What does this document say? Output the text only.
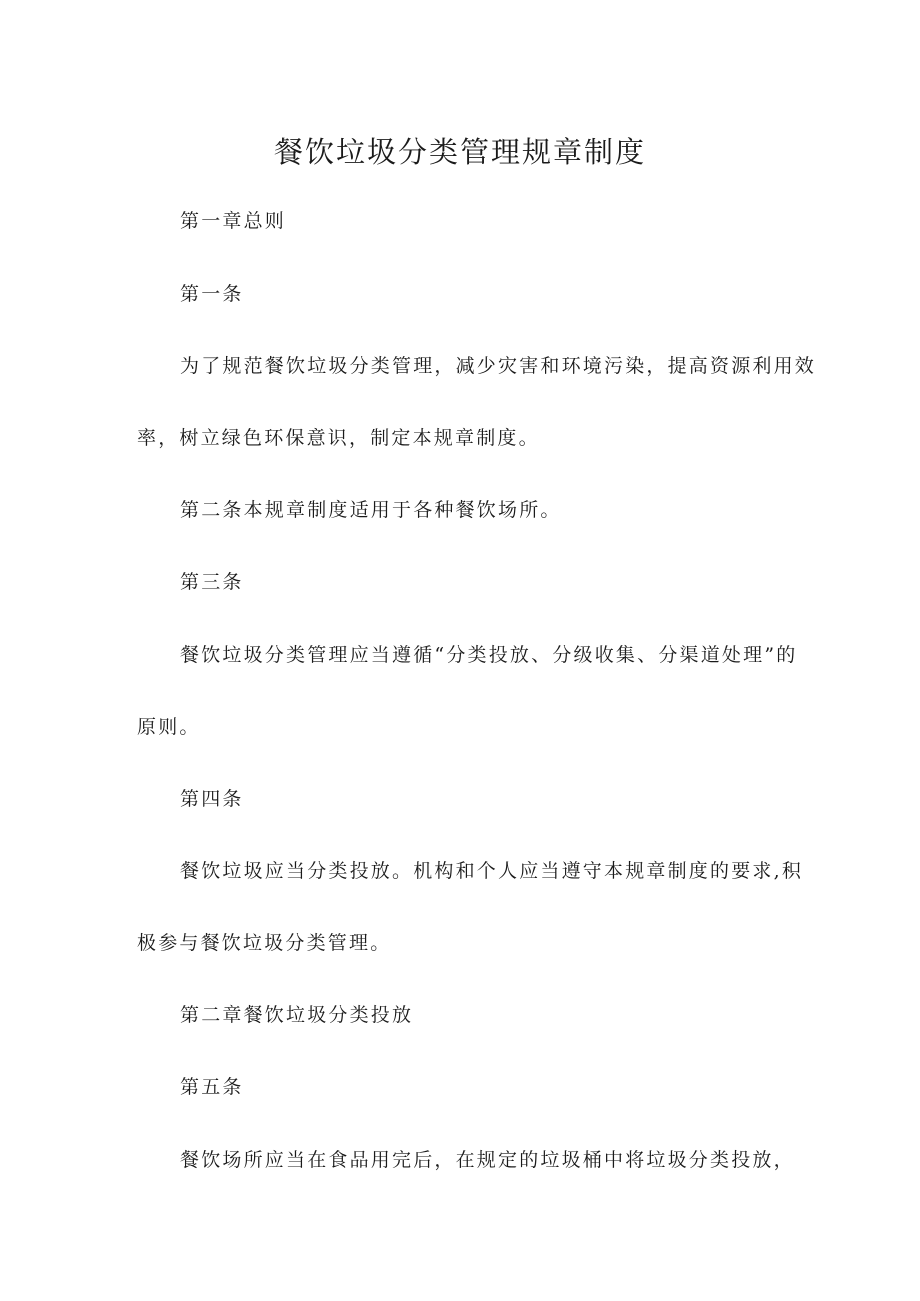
餐饮垃圾分类管理规章制度
第一章总则
第一条
为了规范餐饮垃圾分类管理，减少灾害和环境污染，提高资源利用效
率，树立绿色环保意识，制定本规章制度。
第二条本规章制度适用于各种餐饮场所。
第三条
餐饮垃圾分类管理应当遵循“分类投放、分级收集、分渠道处理”的
原则。
第四条
餐饮垃圾应当分类投放。机构和个人应当遵守本规章制度的要求,积
极参与餐饮垃圾分类管理。
第二章餐饮垃圾分类投放
第五条
餐饮场所应当在食品用完后，在规定的垃圾桶中将垃圾分类投放，
